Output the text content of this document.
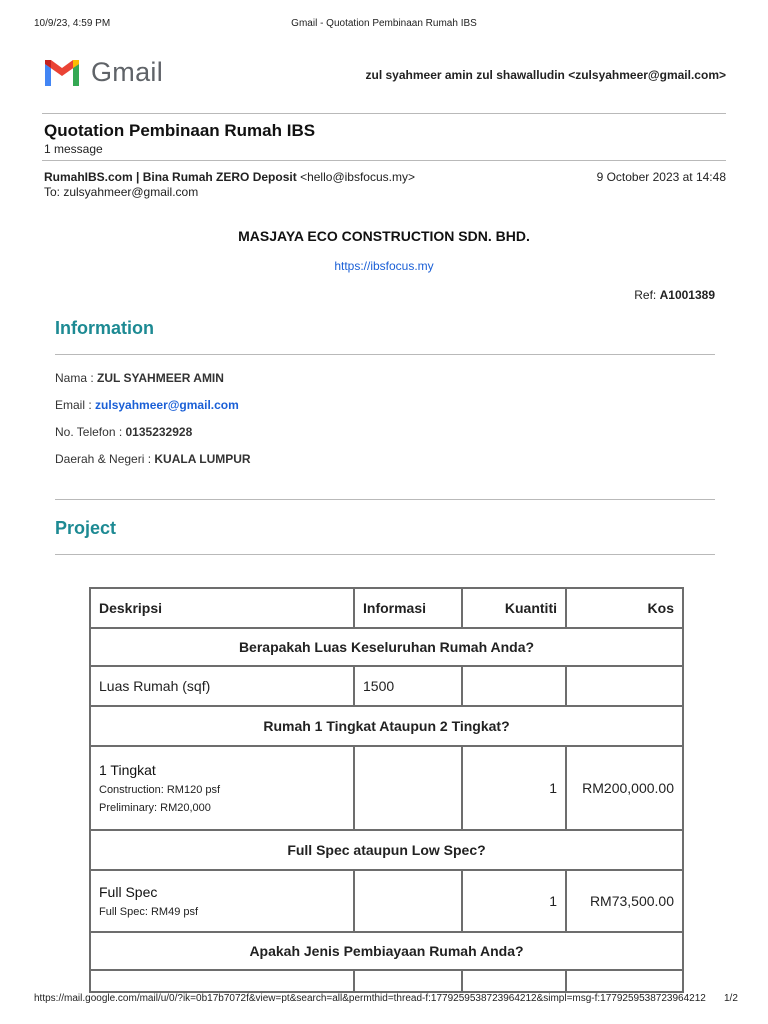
10/9/23, 4:59 PM	Gmail - Quotation Pembinaan Rumah IBS
Gmail	zul syahmeer amin zul shawalludin <zulsyahmeer@gmail.com>
Quotation Pembinaan Rumah IBS
1 message
RumahIBS.com | Bina Rumah ZERO Deposit <hello@ibsfocus.my>	9 October 2023 at 14:48
To: zulsyahmeer@gmail.com
MASJAYA ECO CONSTRUCTION SDN. BHD.
https://ibsfocus.my
Ref: A1001389
Information
Nama : ZUL SYAHMEER AMIN
Email : zulsyahmeer@gmail.com
No. Telefon : 0135232928
Daerah & Negeri : KUALA LUMPUR
Project
Deskripsi	Informasi	Kuantiti	Kos
Berapakah Luas Keseluruhan Rumah Anda?			
Luas Rumah (sqf)	1500		
Rumah 1 Tingkat Ataupun 2 Tingkat?			
1 Tingkat
Construction: RM120 psf
Preliminary: RM20,000		1	RM200,000.00
Full Spec ataupun Low Spec?			
Full Spec
Full Spec: RM49 psf		1	RM73,500.00
Apakah Jenis Pembiayaan Rumah Anda?			

https://mail.google.com/mail/u/0/?ik=0b17b7072f&view=pt&search=all&permthid=thread-f:1779259538723964212&simpl=msg-f:1779259538723964212 1/2
